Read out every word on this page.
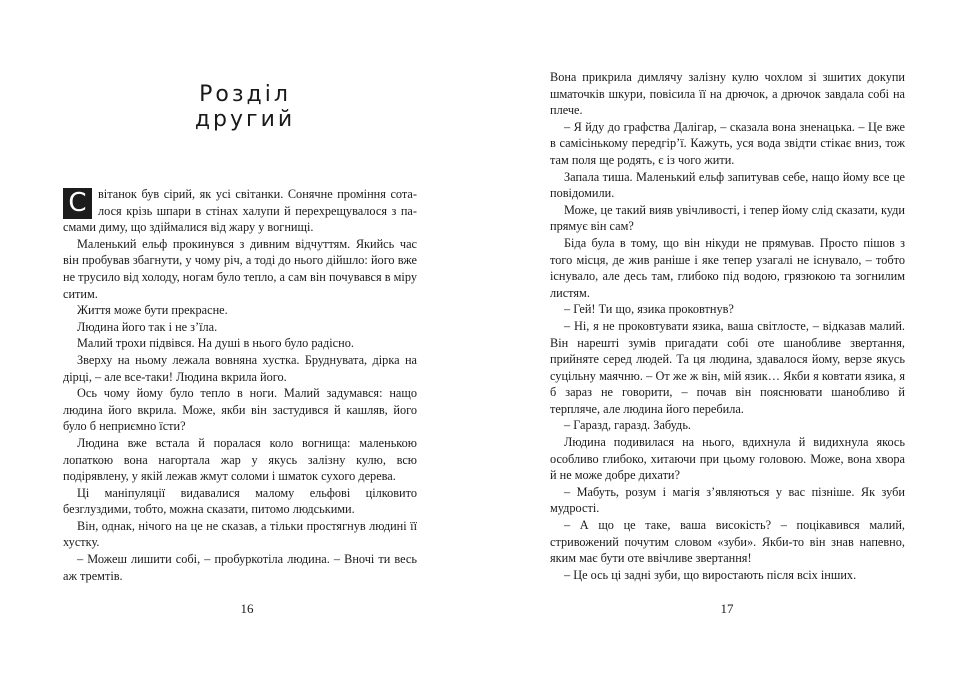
Розділ другий

С вітанок був сірий, як усі світанки. Сонячне проміння соталося крізь шпари в стінах халупи й перехрещувалося з пасмами диму, що здіймалися від жару у вогнищі.

Маленький ельф прокинувся з дивним відчуттям. Якийсь час він пробував збагнути, у чому річ, а тоді до нього дійшло: його вже не трусило від холоду, ногам було тепло, а сам він почувався в міру ситим.

Життя може бути прекрасне.

Людина його так і не з’їла.

Малий трохи підвівся. На душі в нього було радісно.

Зверху на ньому лежала вовняна хустка. Бруднувата, дірка на дірці, – але все-таки! Людина вкрила його.

Ось чому йому було тепло в ноги. Малий задумався: нащо людина його вкрила. Може, якби він застудився й кашляв, його було б неприємно їсти?

Людина вже встала й поралася коло вогнища: маленькою лопаткою вона нагортала жар у якусь залізну кулю, всю подірявлену, у якій лежав жмут соломи і шматок сухого дерева.

Ці маніпуляції видавалися малому ельфові цілковито безглуздими, тобто, можна сказати, питомо людськими.

Він, однак, нічого на це не сказав, а тільки простягнув людині її хустку.

– Можеш лишити собі, – пробуркотіла людина. – Вночі ти весь аж тремтів.

16

Вона прикрила димлячу залізну кулю чохлом зі зшитих докупи шматочків шкури, повісила її на дрючок, а дрючок завдала собі на плече.

– Я йду до графства Далігар, – сказала вона зненацька. – Це вже в самісінькому передгір’ї. Кажуть, уся вода звідти стікає вниз, тож там поля ще родять, є із чого жити.

Запала тиша. Маленький ельф запитував себе, нащо йому все це повідомили.

Може, це такий вияв увічливості, і тепер йому слід сказати, куди прямує він сам?

Біда була в тому, що він нікуди не прямував. Просто пішов з того місця, де жив раніше і яке тепер узагалі не існувало, – тобто існувало, але десь там, глибоко під водою, грязюкою та зогнилим листям.

– Гей! Ти що, язика проковтнув?

– Ні, я не проковтувати язика, ваша світлосте, – відказав малий. Він нарешті зумів пригадати собі оте шанобливе звертання, прийняте серед людей. Та ця людина, здавалося йому, верзе якусь суцільну маячню. – От же ж він, мій язик… Якби я ковтати язика, я б зараз не говорити, – почав він пояснювати шанобливо й терпляче, але людина його перебила.

– Гаразд, гаразд. Забудь.

Людина подивилася на нього, вдихнула й видихнула якось особливо глибоко, хитаючи при цьому головою. Може, вона хвора й не може добре дихати?

– Мабуть, розум і магія з’являються у вас пізніше. Як зуби мудрості.

– А що це таке, ваша високість? – поцікавився малий, стривожений почутим словом «зуби». Якби-то він знав напевно, яким має бути оте ввічливе звертання!

– Це ось ці задні зуби, що виростають після всіх інших.

17
